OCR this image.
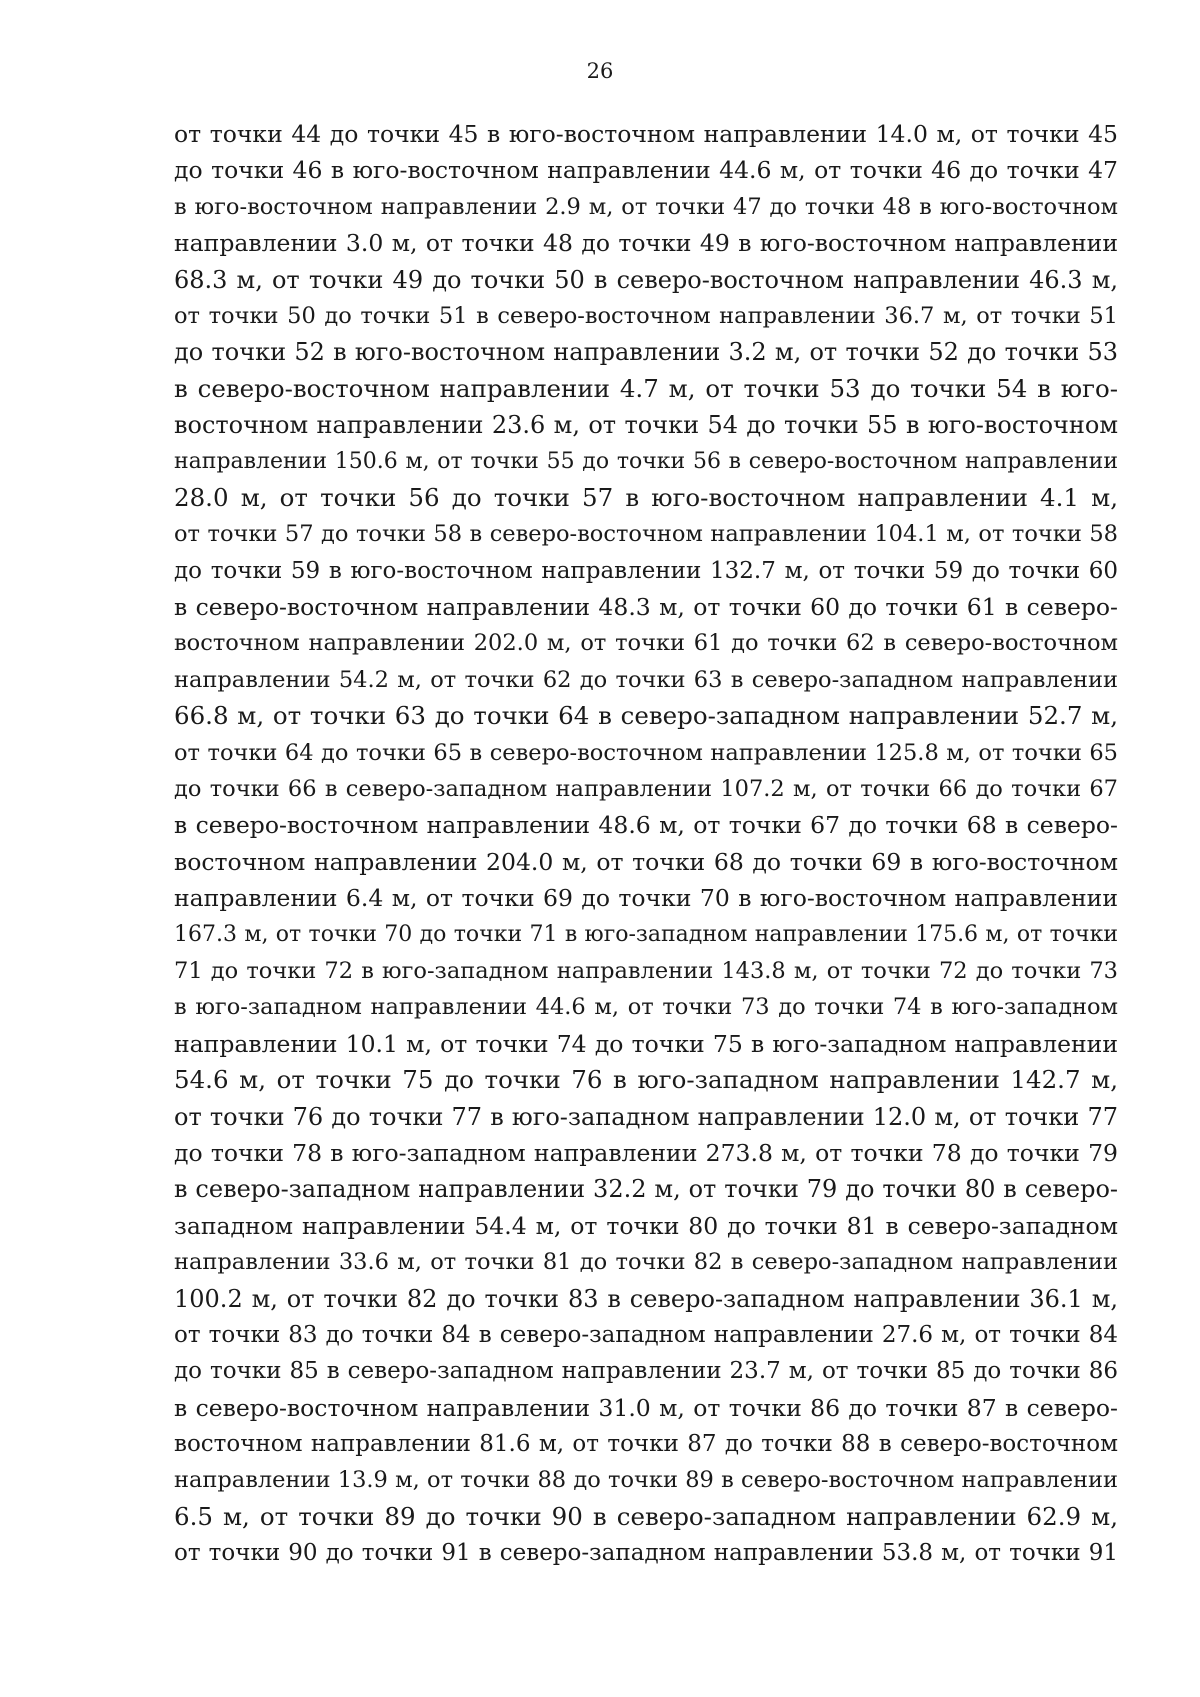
26
от точки 44 до точки 45 в юго-восточном направлении 14.0 м, от точки 45
до точки 46 в юго-восточном направлении 44.6 м, от точки 46 до точки 47
в юго-восточном направлении 2.9 м, от точки 47 до точки 48 в юго-восточном
направлении 3.0 м, от точки 48 до точки 49 в юго-восточном направлении
68.3 м, от точки 49 до точки 50 в северо-восточном направлении 46.3 м,
от точки 50 до точки 51 в северо-восточном направлении 36.7 м, от точки 51
до точки 52 в юго-восточном направлении 3.2 м, от точки 52 до точки 53
в северо-восточном направлении 4.7 м, от точки 53 до точки 54 в юго-
восточном направлении 23.6 м, от точки 54 до точки 55 в юго-восточном
направлении 150.6 м, от точки 55 до точки 56 в северо-восточном направлении
28.0 м, от точки 56 до точки 57 в юго-восточном направлении 4.1 м,
от точки 57 до точки 58 в северо-восточном направлении 104.1 м, от точки 58
до точки 59 в юго-восточном направлении 132.7 м, от точки 59 до точки 60
в северо-восточном направлении 48.3 м, от точки 60 до точки 61 в северо-
восточном направлении 202.0 м, от точки 61 до точки 62 в северо-восточном
направлении 54.2 м, от точки 62 до точки 63 в северо-западном направлении
66.8 м, от точки 63 до точки 64 в северо-западном направлении 52.7 м,
от точки 64 до точки 65 в северо-восточном направлении 125.8 м, от точки 65
до точки 66 в северо-западном направлении 107.2 м, от точки 66 до точки 67
в северо-восточном направлении 48.6 м, от точки 67 до точки 68 в северо-
восточном направлении 204.0 м, от точки 68 до точки 69 в юго-восточном
направлении 6.4 м, от точки 69 до точки 70 в юго-восточном направлении
167.3 м, от точки 70 до точки 71 в юго-западном направлении 175.6 м, от точки
71 до точки 72 в юго-западном направлении 143.8 м, от точки 72 до точки 73
в юго-западном направлении 44.6 м, от точки 73 до точки 74 в юго-западном
направлении 10.1 м, от точки 74 до точки 75 в юго-западном направлении
54.6 м, от точки 75 до точки 76 в юго-западном направлении 142.7 м,
от точки 76 до точки 77 в юго-западном направлении 12.0 м, от точки 77
до точки 78 в юго-западном направлении 273.8 м, от точки 78 до точки 79
в северо-западном направлении 32.2 м, от точки 79 до точки 80 в северо-
западном направлении 54.4 м, от точки 80 до точки 81 в северо-западном
направлении 33.6 м, от точки 81 до точки 82 в северо-западном направлении
100.2 м, от точки 82 до точки 83 в северо-западном направлении 36.1 м,
от точки 83 до точки 84 в северо-западном направлении 27.6 м, от точки 84
до точки 85 в северо-западном направлении 23.7 м, от точки 85 до точки 86
в северо-восточном направлении 31.0 м, от точки 86 до точки 87 в северо-
восточном направлении 81.6 м, от точки 87 до точки 88 в северо-восточном
направлении 13.9 м, от точки 88 до точки 89 в северо-восточном направлении
6.5 м, от точки 89 до точки 90 в северо-западном направлении 62.9 м,
от точки 90 до точки 91 в северо-западном направлении 53.8 м, от точки 91
